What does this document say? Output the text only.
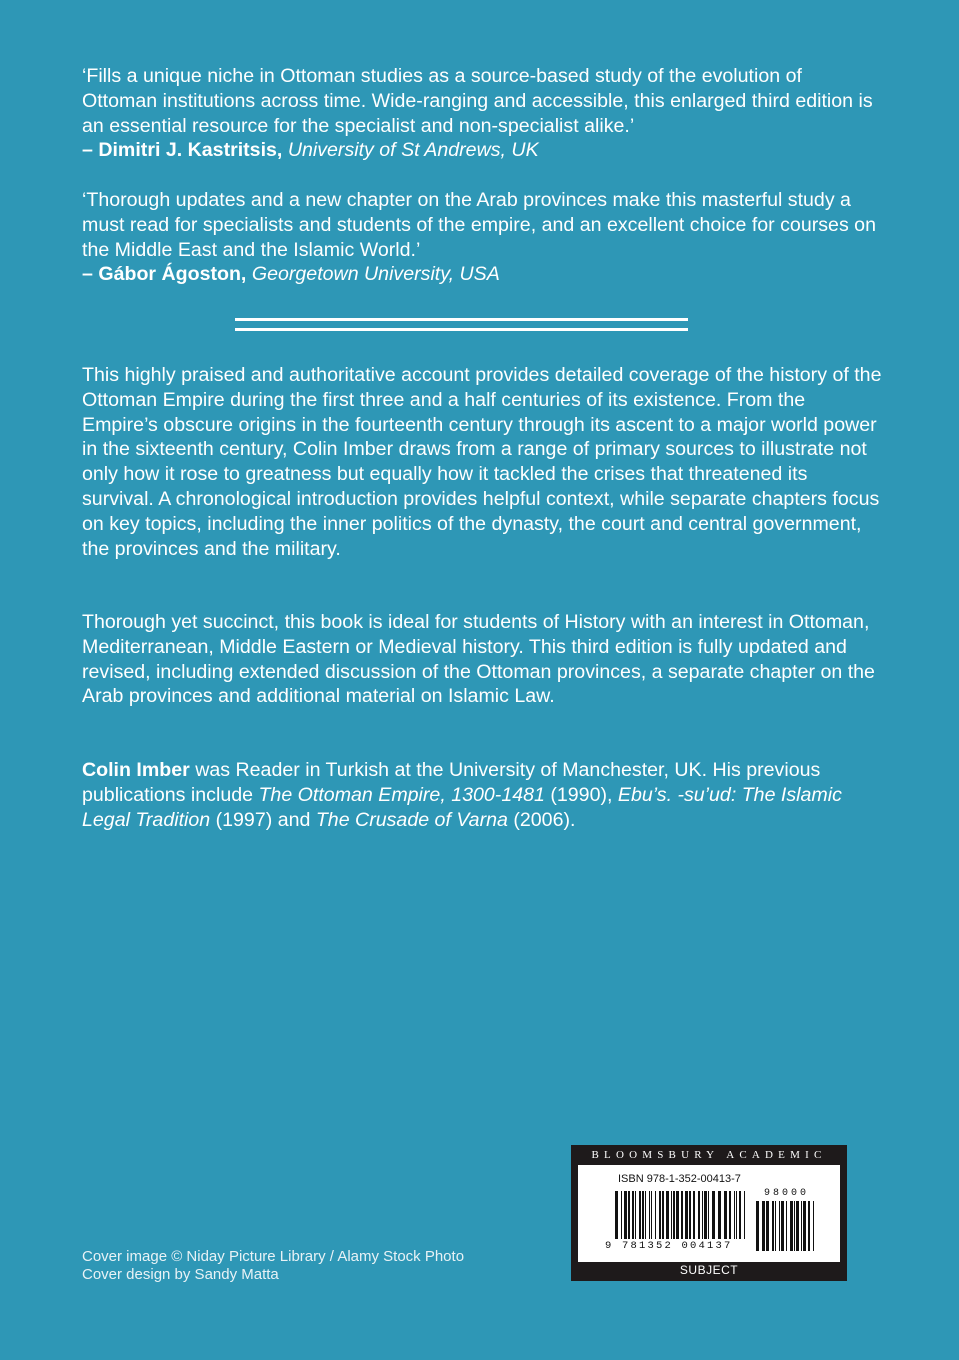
‘Fills a unique niche in Ottoman studies as a source-based study of the evolution of Ottoman institutions across time. Wide-ranging and accessible, this enlarged third edition is an essential resource for the specialist and non-specialist alike.’
– Dimitri J. Kastritsis, University of St Andrews, UK
‘Thorough updates and a new chapter on the Arab provinces make this masterful study a must read for specialists and students of the empire, and an excellent choice for courses on the Middle East and the Islamic World.’
– Gábor Ágoston, Georgetown University, USA

This highly praised and authoritative account provides detailed coverage of the history of the Ottoman Empire during the first three and a half centuries of its existence. From the Empire’s obscure origins in the fourteenth century through its ascent to a major world power in the sixteenth century, Colin Imber draws from a range of primary sources to illustrate not only how it rose to greatness but equally how it tackled the crises that threatened its survival. A chronological introduction provides helpful context, while separate chapters focus on key topics, including the inner politics of the dynasty, the court and central government, the provinces and the military.

Thorough yet succinct, this book is ideal for students of History with an interest in Ottoman, Mediterranean, Middle Eastern or Medieval history. This third edition is fully updated and revised, including extended discussion of the Ottoman provinces, a separate chapter on the Arab provinces and additional material on Islamic Law.

Colin Imber was Reader in Turkish at the University of Manchester, UK. His previous publications include The Ottoman Empire, 1300-1481 (1990), Ebu’s. -su’ud: The Islamic Legal Tradition (1997) and The Crusade of Varna (2006).

Cover image © Niday Picture Library / Alamy Stock Photo
Cover design by Sandy Matta
BLOOMSBURY ACADEMIC
ISBN 978-1-352-00413-7
98000
9 781352 004137
SUBJECT
